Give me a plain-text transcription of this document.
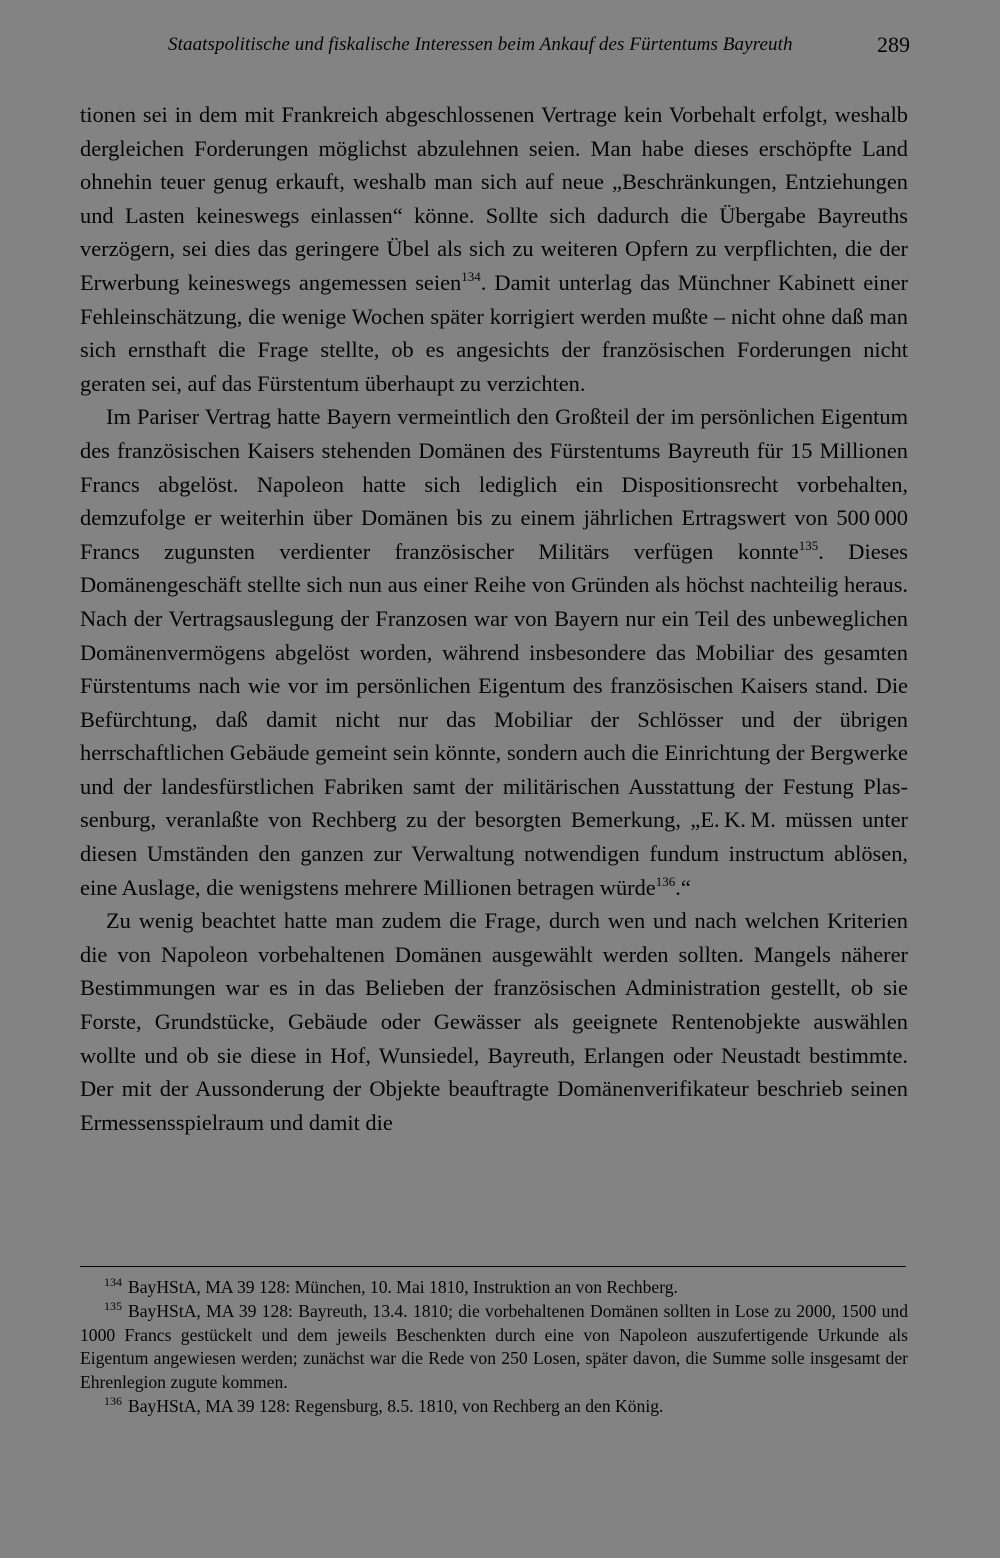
Staatspolitische und fiskalische Interessen beim Ankauf des Fürtentums Bayreuth	289

tionen sei in dem mit Frankreich abgeschlossenen Vertrage kein Vorbehalt erfolgt, weshalb dergleichen Forderungen möglichst abzulehnen seien. Man habe dieses erschöpfte Land ohnehin teuer genug erkauft, weshalb man sich auf neue „Beschränkungen, Entziehungen und Lasten keineswegs einlassen“ könne. Sollte sich dadurch die Übergabe Bayreuths verzögern, sei dies das geringere Übel als sich zu weiteren Opfern zu verpflichten, die der Erwerbung keineswegs angemessen seien$^{134}$. Damit unterlag das Münchner Kabinett einer Fehleinschätzung, die wenige Wochen später korrigiert werden mußte – nicht ohne daß man sich ernsthaft die Frage stellte, ob es angesichts der französischen Forderungen nicht geraten sei, auf das Fürstentum überhaupt zu verzichten.

Im Pariser Vertrag hatte Bayern vermeintlich den Großteil der im persönlichen Eigentum des französischen Kaisers stehenden Domänen des Fürstentums Bayreuth für 15 Millionen Francs abgelöst. Napoleon hatte sich lediglich ein Dispositionsrecht vorbehalten, demzufolge er weiterhin über Domänen bis zu einem jährlichen Ertragswert von 500 000 Francs zugunsten verdienter französischer Militärs verfügen konnte$^{135}$. Dieses Domänengeschäft stellte sich nun aus einer Reihe von Gründen als höchst nachteilig heraus. Nach der Vertragsauslegung der Franzosen war von Bayern nur ein Teil des unbeweglichen Domänenvermögens abgelöst worden, während insbesondere das Mobiliar des gesamten Fürstentums nach wie vor im persönlichen Eigentum des französischen Kaisers stand. Die Befürchtung, daß damit nicht nur das Mobiliar der Schlösser und der übrigen herrschaftlichen Gebäude gemeint sein könnte, sondern auch die Einrichtung der Bergwerke und der landesfürstlichen Fabriken samt der militärischen Ausstattung der Festung Plassenburg, veranlaßte von Rechberg zu der besorgten Bemerkung, „E. K. M. müssen unter diesen Umständen den ganzen zur Verwaltung notwendigen fundum instructum ablösen, eine Auslage, die wenigstens mehrere Millionen betragen würde$^{136}$.“

Zu wenig beachtet hatte man zudem die Frage, durch wen und nach welchen Kriterien die von Napoleon vorbehaltenen Domänen ausgewählt werden sollten. Mangels näherer Bestimmungen war es in das Belieben der französischen Administration gestellt, ob sie Forste, Grundstücke, Gebäude oder Gewässer als geeignete Rentenobjekte auswählen wollte und ob sie diese in Hof, Wunsiedel, Bayreuth, Erlangen oder Neustadt bestimmte. Der mit der Aussonderung der Objekte beauftragte Domänenverifikateur beschrieb seinen Ermessensspielraum und damit die

$^{134}$ BayHStA, MA 39 128: München, 10. Mai 1810, Instruktion an von Rechberg.

$^{135}$ BayHStA, MA 39 128: Bayreuth, 13.4. 1810; die vorbehaltenen Domänen sollten in Lose zu 2000, 1500 und 1000 Francs gestückelt und dem jeweils Beschenkten durch eine von Napoleon auszufertigende Urkunde als Eigentum angewiesen werden; zunächst war die Rede von 250 Losen, später davon, die Summe solle insgesamt der Ehrenlegion zugute kommen.

$^{136}$ BayHStA, MA 39 128: Regensburg, 8.5. 1810, von Rechberg an den König.
